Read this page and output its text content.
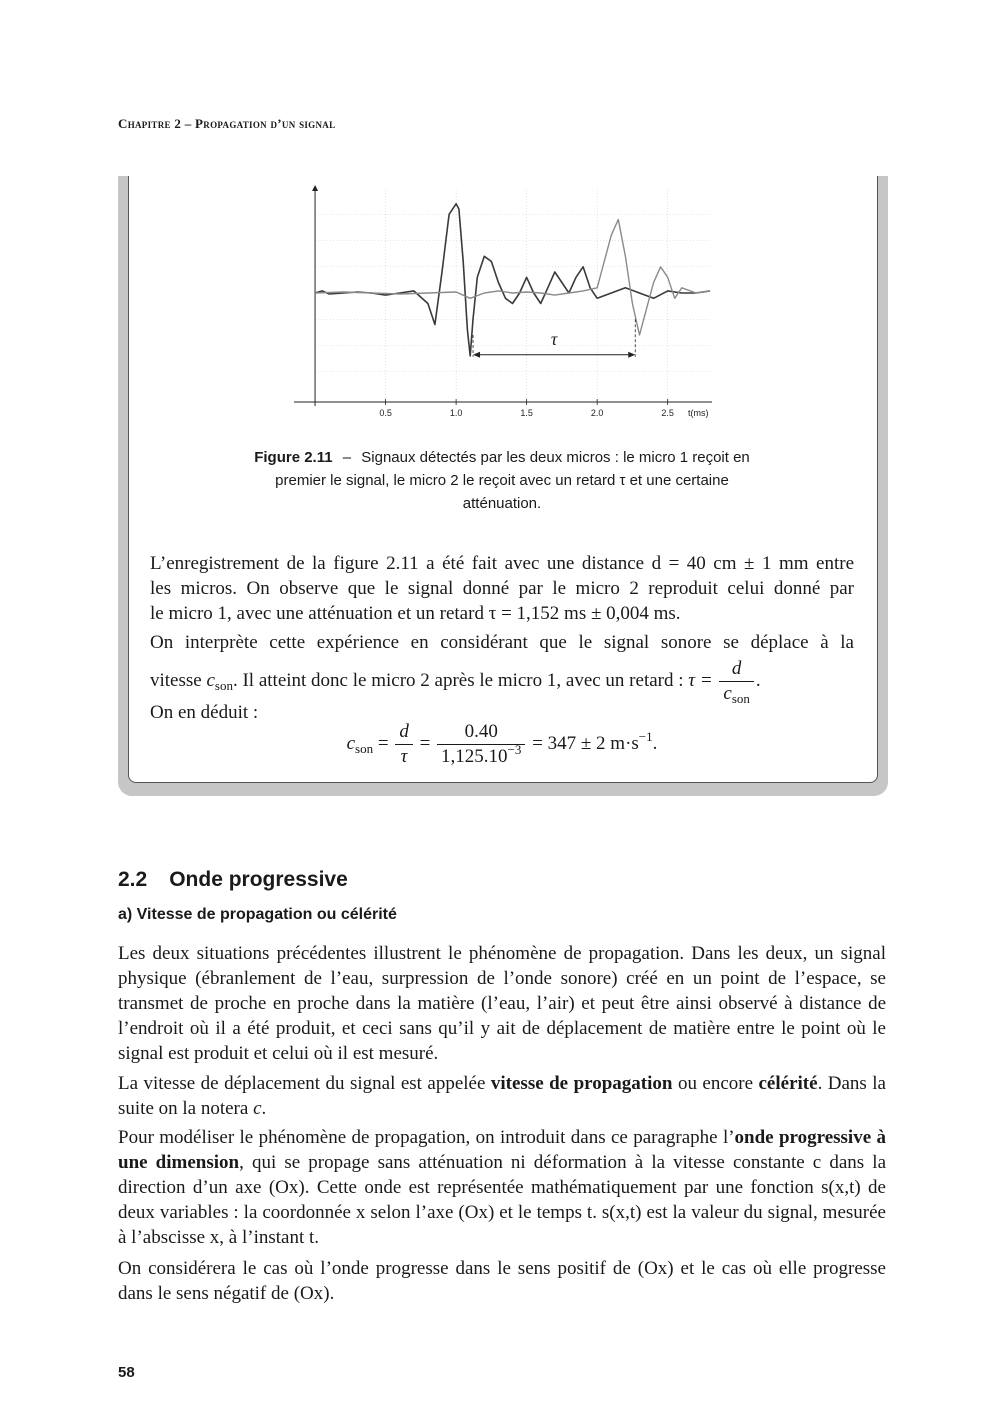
Chapitre 2 – Propagation d’un signal
0.5	1.0	1.5	2.0	2.5 t(ms)
τ
Figure 2.11 – Signaux détectés par les deux micros : le micro 1 reçoit en
premier le signal, le micro 2 le reçoit avec un retard τ et une certaine
atténuation.
L’enregistrement de la figure 2.11 a été fait avec une distance d = 40 cm ± 1 mm entre
les micros. On observe que le signal donné par le micro 2 reproduit celui donné par
le micro 1, avec une atténuation et un retard τ = 1,152 ms ± 0,004 ms.
On interprète cette expérience en considérant que le signal sonore se déplace à la
vitesse $c_{son}$. Il atteint donc le micro 2 après le micro 1, avec un retard : $\tau = \frac{d}{c_{son}}$ .
On en déduit :
$c_{son} = \frac{d}{\tau} = \frac{0.40}{1,125.10^{-3}} = 347 \pm 2$ $m\cdot s^{-1}$.
2.2 Onde progressive
a) Vitesse de propagation ou célérité
Les deux situations précédentes illustrent le phénomène de propagation. Dans les deux, un signal physique (ébranlement de l’eau, surpression de l’onde sonore) créé en un point de l’espace, se transmet de proche en proche dans la matière (l’eau, l’air) et peut être ainsi observé à distance de l’endroit où il a été produit, et ceci sans qu’il y ait de déplacement de matière entre le point où le signal est produit et celui où il est mesuré.
La vitesse de déplacement du signal est appelée vitesse de propagation ou encore célérité. Dans la suite on la notera c.
Pour modéliser le phénomène de propagation, on introduit dans ce paragraphe l’onde progressive à une dimension, qui se propage sans atténuation ni déformation à la vitesse constante c dans la direction d’un axe (Ox). Cette onde est représentée mathématiquement par une fonction s(x,t) de deux variables : la coordonnée x selon l’axe (Ox) et le temps t. s(x,t) est la valeur du signal, mesurée à l’abscisse x, à l’instant t.
On considérera le cas où l’onde progresse dans le sens positif de (Ox) et le cas où elle progresse dans le sens négatif de (Ox).
58
